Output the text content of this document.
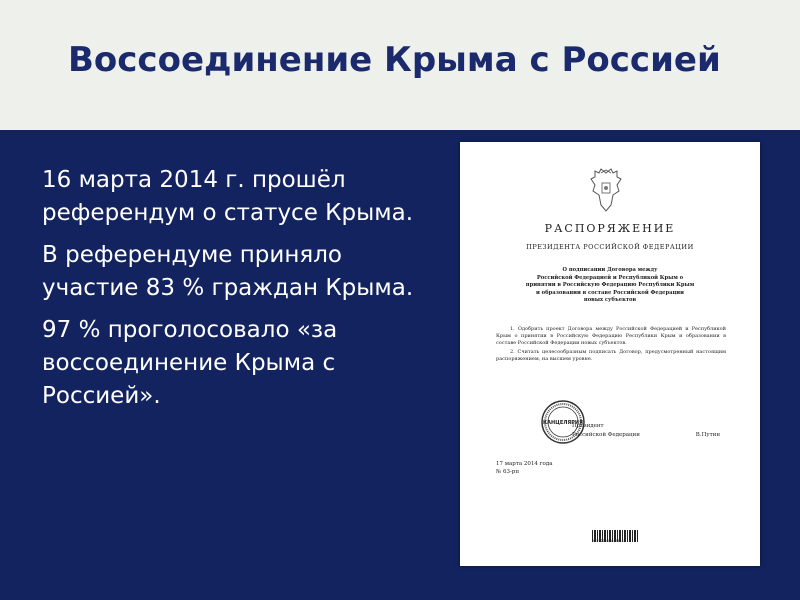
Воссоединение Крыма с Россией

16 марта 2014 г. прошёл референдум о статусе Крыма.

В референдуме приняло участие 83 % граждан Крыма.

97 % проголосовало «за воссоединение Крыма с Россией».

РАСПОРЯЖЕНИЕ
ПРЕЗИДЕНТА РОССИЙСКОЙ ФЕДЕРАЦИИ
О подписании Договора между
Российской Федерацией и Республикой Крым о
принятии в Российскую Федерацию Республики Крым
и образовании в составе Российской Федерации
новых субъектов

1. Одобрить проект Договора между Российской Федерацией и Республикой Крым о принятии в Российскую Федерацию Республики Крым и образовании в составе Российской Федерации новых субъектов.

2. Считать целесообразным подписать Договор, предусмотренный настоящим распоряжением, на высшем уровне.

КАНЦЕЛЯРИЯ
Президент
Российской Федерации	В.Путин
17 марта 2014 года
№ 63-рп
2 590098 0463 5
